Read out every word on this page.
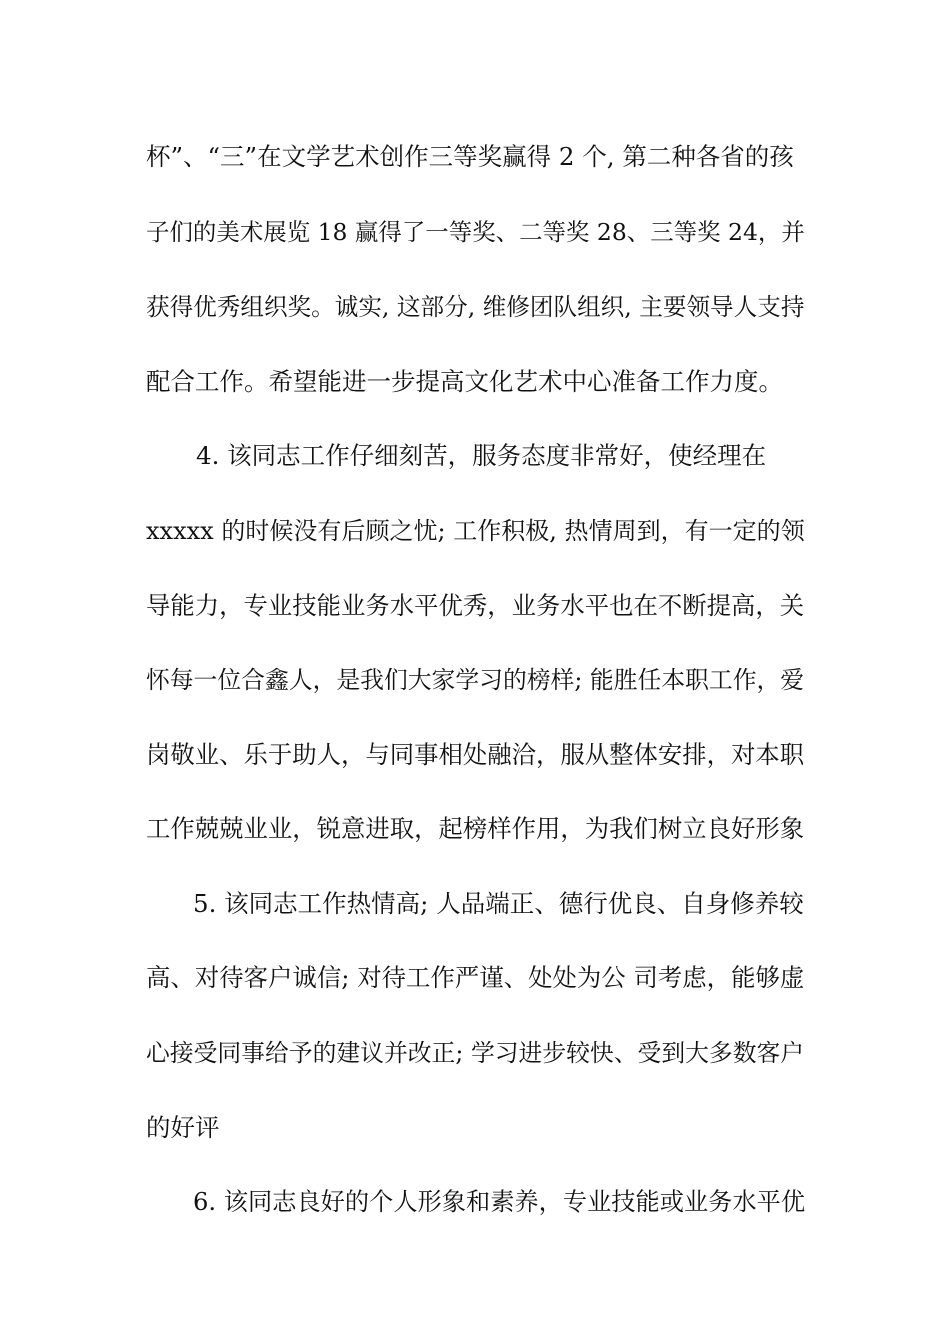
杯”、“三”在文学艺术创作三等奖赢得 2 个, 第二种各省的孩
子们的美术展览 18 赢得了一等奖、二等奖 28、三等奖 24，并
获得优秀组织奖。诚实, 这部分, 维修团队组织, 主要领导人支持
配合工作。希望能进一步提高文化艺术中心准备工作力度。
4. 该同志工作仔细刻苦，服务态度非常好，使经理在
xxxxx 的时候没有后顾之忧; 工作积极, 热情周到，有一定的领
导能力，专业技能业务水平优秀，业务水平也在不断提高，关
怀每一位合鑫人，是我们大家学习的榜样; 能胜任本职工作，爱
岗敬业、乐于助人，与同事相处融洽，服从整体安排，对本职
工作兢兢业业，锐意进取，起榜样作用，为我们树立良好形象
5. 该同志工作热情高; 人品端正、德行优良、自身修养较
高、对待客户诚信; 对待工作严谨、处处为公 司考虑，能够虚
心接受同事给予的建议并改正; 学习进步较快、受到大多数客户
的好评
6. 该同志良好的个人形象和素养，专业技能或业务水平优
